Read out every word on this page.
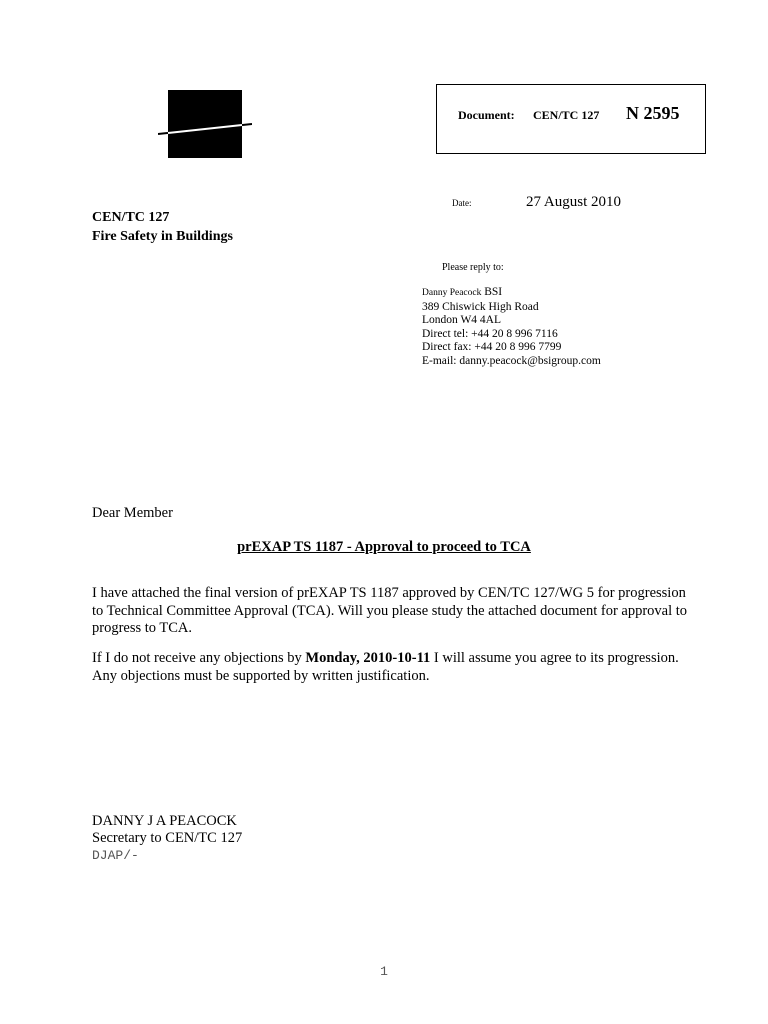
Document: CEN/TC 127 N 2595
Date:	27 August 2010
CEN/TC 127
Fire Safety in Buildings
Please reply to:
Danny Peacock BSI
389 Chiswick High Road
London W4 4AL
Direct tel: +44 20 8 996 7116
Direct fax: +44 20 8 996 7799
E-mail: danny.peacock@bsigroup.com
Dear Member
prEXAP TS 1187 - Approval to proceed to TCA
I have attached the final version of prEXAP TS 1187 approved by CEN/TC 127/WG 5 for progression to Technical Committee Approval (TCA). Will you please study the attached document for approval to progress to TCA.
If I do not receive any objections by Monday, 2010-10-11 I will assume you agree to its progression. Any objections must be supported by written justification.
DANNY J A PEACOCK
Secretary to CEN/TC 127
DJAP/-
1
